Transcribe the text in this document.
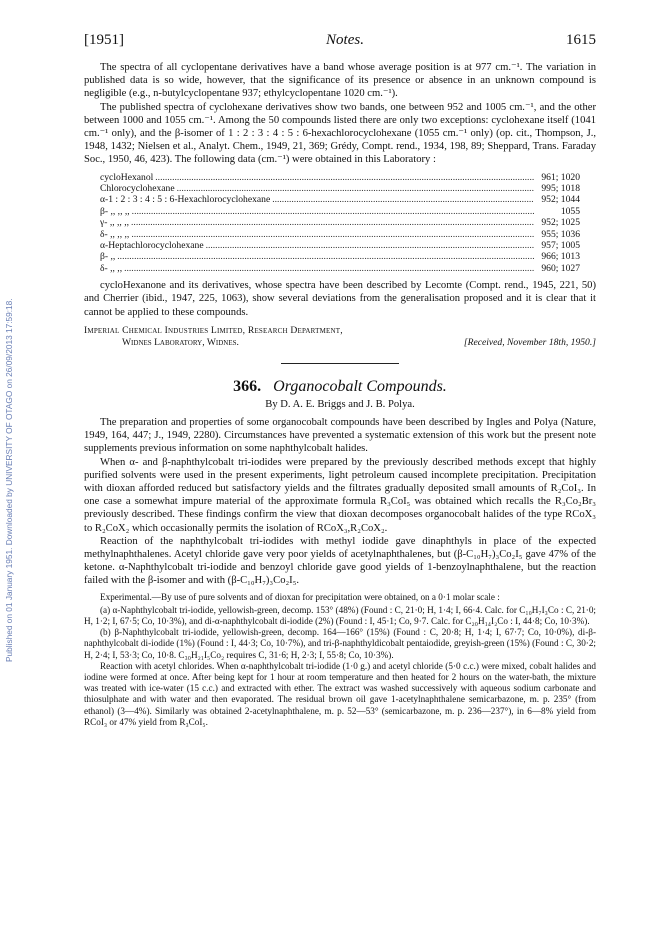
Published on 01 January 1951. Downloaded by UNIVERSITY OF OTAGO on 26/09/2013 17:59:18.
[1951]	Notes.	1615

The spectra of all cyclopentane derivatives have a band whose average position is at 977 cm.⁻¹. The variation in published data is so wide, however, that the significance of its presence or absence in an unknown compound is negligible (e.g., n-butylcyclopentane 937; ethylcyclopentane 1020 cm.⁻¹).

The published spectra of cyclohexane derivatives show two bands, one between 952 and 1005 cm.⁻¹, and the other between 1000 and 1055 cm.⁻¹. Among the 50 compounds listed there are only two exceptions: cyclohexane itself (1041 cm.⁻¹ only), and the β-isomer of 1 : 2 : 3 : 4 : 5 : 6-hexachlorocyclohexane (1055 cm.⁻¹ only) (op. cit., Thompson, J., 1948, 1432; Nielsen et al., Analyt. Chem., 1949, 21, 369; Grédy, Compt. rend., 1934, 198, 89; Sheppard, Trans. Faraday Soc., 1950, 46, 423). The following data (cm.⁻¹) were obtained in this Laboratory :

cycloHexanol .....	961; 1020
Chlorocyclohexane .....	995; 1018
α-1 : 2 : 3 : 4 : 5 : 6-Hexachlorocyclohexane .....	952; 1044
β- ,, ,, ,, .....	1055
γ- ,, ,, ,, .....	952; 1025
δ- ,, ,, ,, .....	955; 1036
α-Heptachlorocyclohexane .....	957; 1005
β- ,, .....	966; 1013
δ- ,, ,, .....	960; 1027

cycloHexanone and its derivatives, whose spectra have been described by Lecomte (Compt. rend., 1945, 221, 50) and Cherrier (ibid., 1947, 225, 1063), show several deviations from the generalisation proposed and it is clear that it cannot be applied to these compounds.

Imperial Chemical Industries Limited, Research Department,
Widnes Laboratory, Widnes.	[Received, November 18th, 1950.]
366. Organocobalt Compounds.
By D. A. E. Briggs and J. B. Polya.

The preparation and properties of some organocobalt compounds have been described by Ingles and Polya (Nature, 1949, 164, 447; J., 1949, 2280). Circumstances have prevented a systematic extension of this work but the present note supplements previous information on some naphthylcobalt halides.

When α- and β-naphthylcobalt tri-iodides were prepared by the previously described methods except that highly purified solvents were used in the present experiments, light petroleum caused incomplete precipitation. Precipitation with dioxan afforded reduced but satisfactory yields and the filtrates gradually deposited small amounts of R₂CoI₃. In one case a somewhat impure material of the approximate formula R₃CoI₅ was obtained which recalls the R₃Co₂Br₃ previously described. These findings confirm the view that dioxan decomposes organocobalt halides of the type RCoX₃ to R₂CoX₂ which occasionally permits the isolation of RCoX₃,R₂CoX₂.

Reaction of the naphthylcobalt tri-iodides with methyl iodide gave dinaphthyls in place of the expected methylnaphthalenes. Acetyl chloride gave very poor yields of acetylnaphthalenes, but (β-C₁₀H₇)₃Co₂I₅ gave 47% of the ketone. α-Naphthylcobalt tri-iodide and benzoyl chloride gave good yields of 1-benzoylnaphthalene, but the reaction failed with the β-isomer and with (β-C₁₀H₇)₃Co₂I₅.

Experimental.—By use of pure solvents and of dioxan for precipitation were obtained, on a 0·1 molar scale :

(a) α-Naphthylcobalt tri-iodide, yellowish-green, decomp. 153° (48%) (Found : C, 21·0; H, 1·4; I, 66·4. Calc. for C₁₀H₇I₃Co : C, 21·0; H, 1·2; I, 67·5; Co, 10·3%), and di-α-naphthylcobalt di-iodide (2%) (Found : I, 45·1; Co, 9·7. Calc. for C₂₀H₁₄I₂Co : I, 44·8; Co, 10·3%).

(b) β-Naphthylcobalt tri-iodide, yellowish-green, decomp. 164—166° (15%) (Found : C, 20·8; H, 1·4; I, 67·7; Co, 10·0%), di-β-naphthylcobalt di-iodide (1%) (Found : I, 44·3; Co, 10·7%), and tri-β-naphthyldicobalt pentaiodide, greyish-green (15%) (Found : C, 30·2; H, 2·4; I, 53·3; Co, 10·8. C₃₀H₂₁I₅Co₂ requires C, 31·6; H, 2·3; I, 55·8; Co, 10·3%).

Reaction with acetyl chlorides. When α-naphthylcobalt tri-iodide (1·0 g.) and acetyl chloride (5·0 c.c.) were mixed, cobalt halides and iodine were formed at once. After being kept for 1 hour at room temperature and then heated for 2 hours on the water-bath, the mixture was treated with ice-water (15 c.c.) and extracted with ether. The extract was washed successively with aqueous sodium carbonate and thiosulphate and with water and then evaporated. The residual brown oil gave 1-acetylnaphthalene semicarbazone, m. p. 235° (from ethanol) (3—4%). Similarly was obtained 2-acetylnaphthalene, m. p. 52—53° (semicarbazone, m. p. 236—237°), in 6—8% yield from RCoI₃ or 47% yield from R₃CoI₅.
